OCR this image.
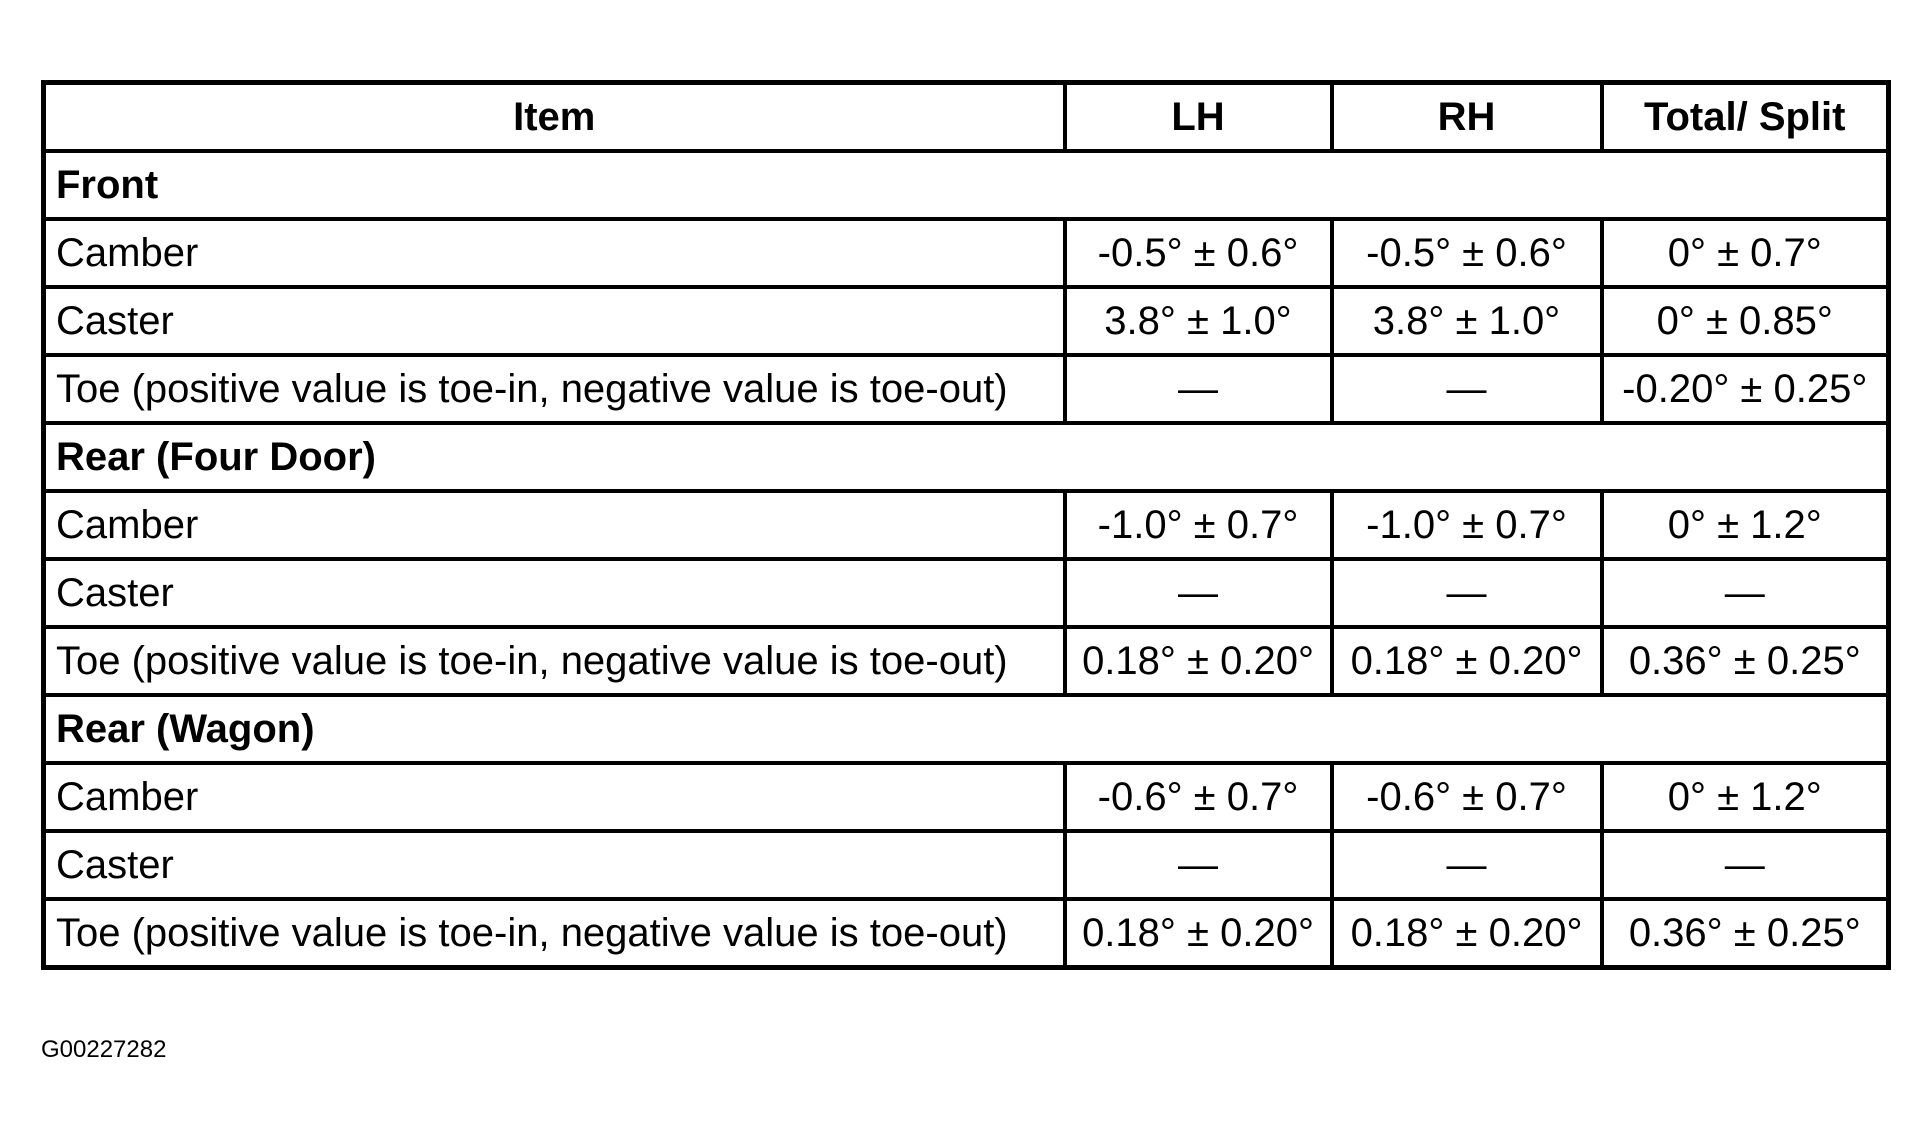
Item	LH	RH	Total/ Split
Front			
Camber	-0.5° ± 0.6°	-0.5° ± 0.6°	0° ± 0.7°
Caster	3.8° ± 1.0°	3.8° ± 1.0°	0° ± 0.85°
Toe (positive value is toe-in, negative value is toe-out)	—	—	-0.20° ± 0.25°
Rear (Four Door)			
Camber	-1.0° ± 0.7°	-1.0° ± 0.7°	0° ± 1.2°
Caster	—	—	—
Toe (positive value is toe-in, negative value is toe-out)	0.18° ± 0.20°	0.18° ± 0.20°	0.36° ± 0.25°
Rear (Wagon)			
Camber	-0.6° ± 0.7°	-0.6° ± 0.7°	0° ± 1.2°
Caster	—	—	—
Toe (positive value is toe-in, negative value is toe-out)	0.18° ± 0.20°	0.18° ± 0.20°	0.36° ± 0.25°
G00227282
